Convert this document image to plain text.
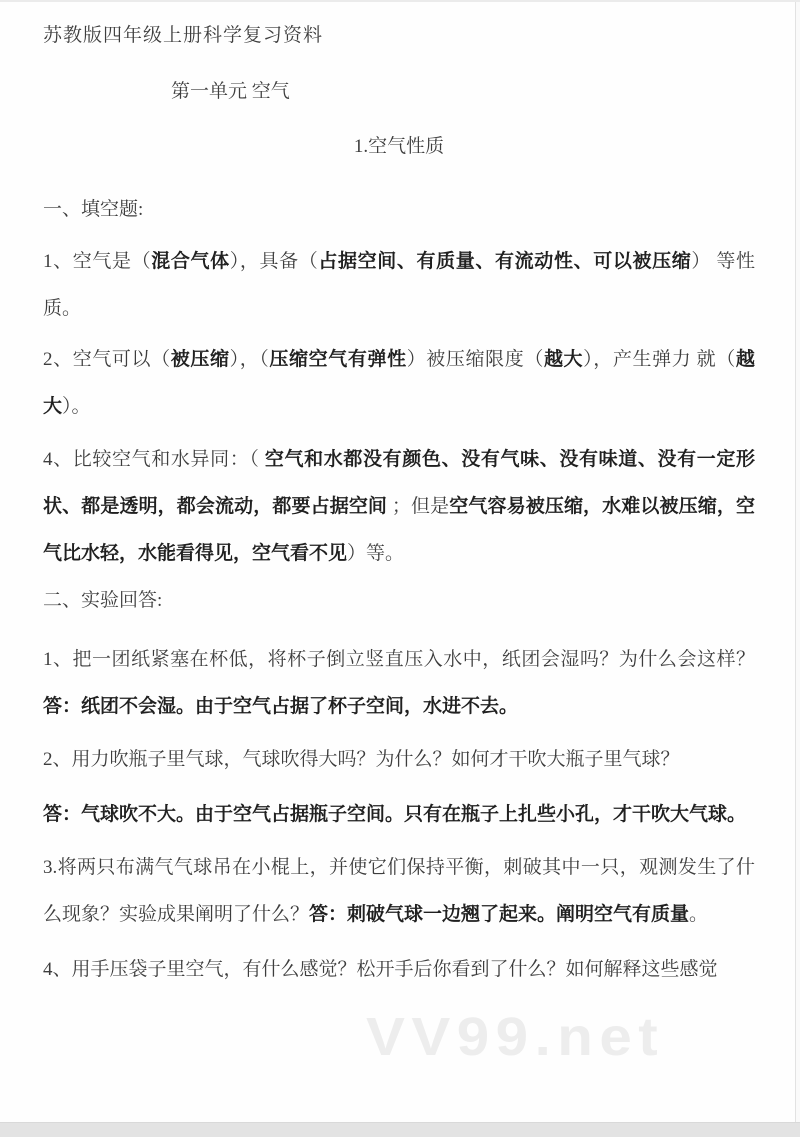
VV99.net

苏教版四年级上册科学复习资料

第一单元 空气

1.空气性质

一、填空题:

1、空气是（混合气体），具备（占据空间、有质量、有流动性、可以被压缩） 等性质。

2、空气可以（被压缩），（压缩空气有弹性）被压缩限度（越大），产生弹力 就（越大）。

4、比较空气和水异同：（ 空气和水都没有颜色、没有气味、没有味道、没有一定形状、都是透明，都会流动，都要占据空间 ；但是空气容易被压缩，水难以被压缩，空气比水轻，水能看得见，空气看不见）等。

二、实验回答:

1、把一团纸紧塞在杯低，将杯子倒立竖直压入水中，纸团会湿吗？为什么会这样？答：纸团不会湿。由于空气占据了杯子空间，水进不去。

2、用力吹瓶子里气球，气球吹得大吗？为什么？如何才干吹大瓶子里气球？

答：气球吹不大。由于空气占据瓶子空间。只有在瓶子上扎些小孔，才干吹大气球。

3.将两只布满气气球吊在小棍上，并使它们保持平衡，刺破其中一只，观测发生了什么现象？实验成果阐明了什么？答：刺破气球一边翘了起来。阐明空气有质量。

4、用手压袋子里空气，有什么感觉？松开手后你看到了什么？如何解释这些感觉
